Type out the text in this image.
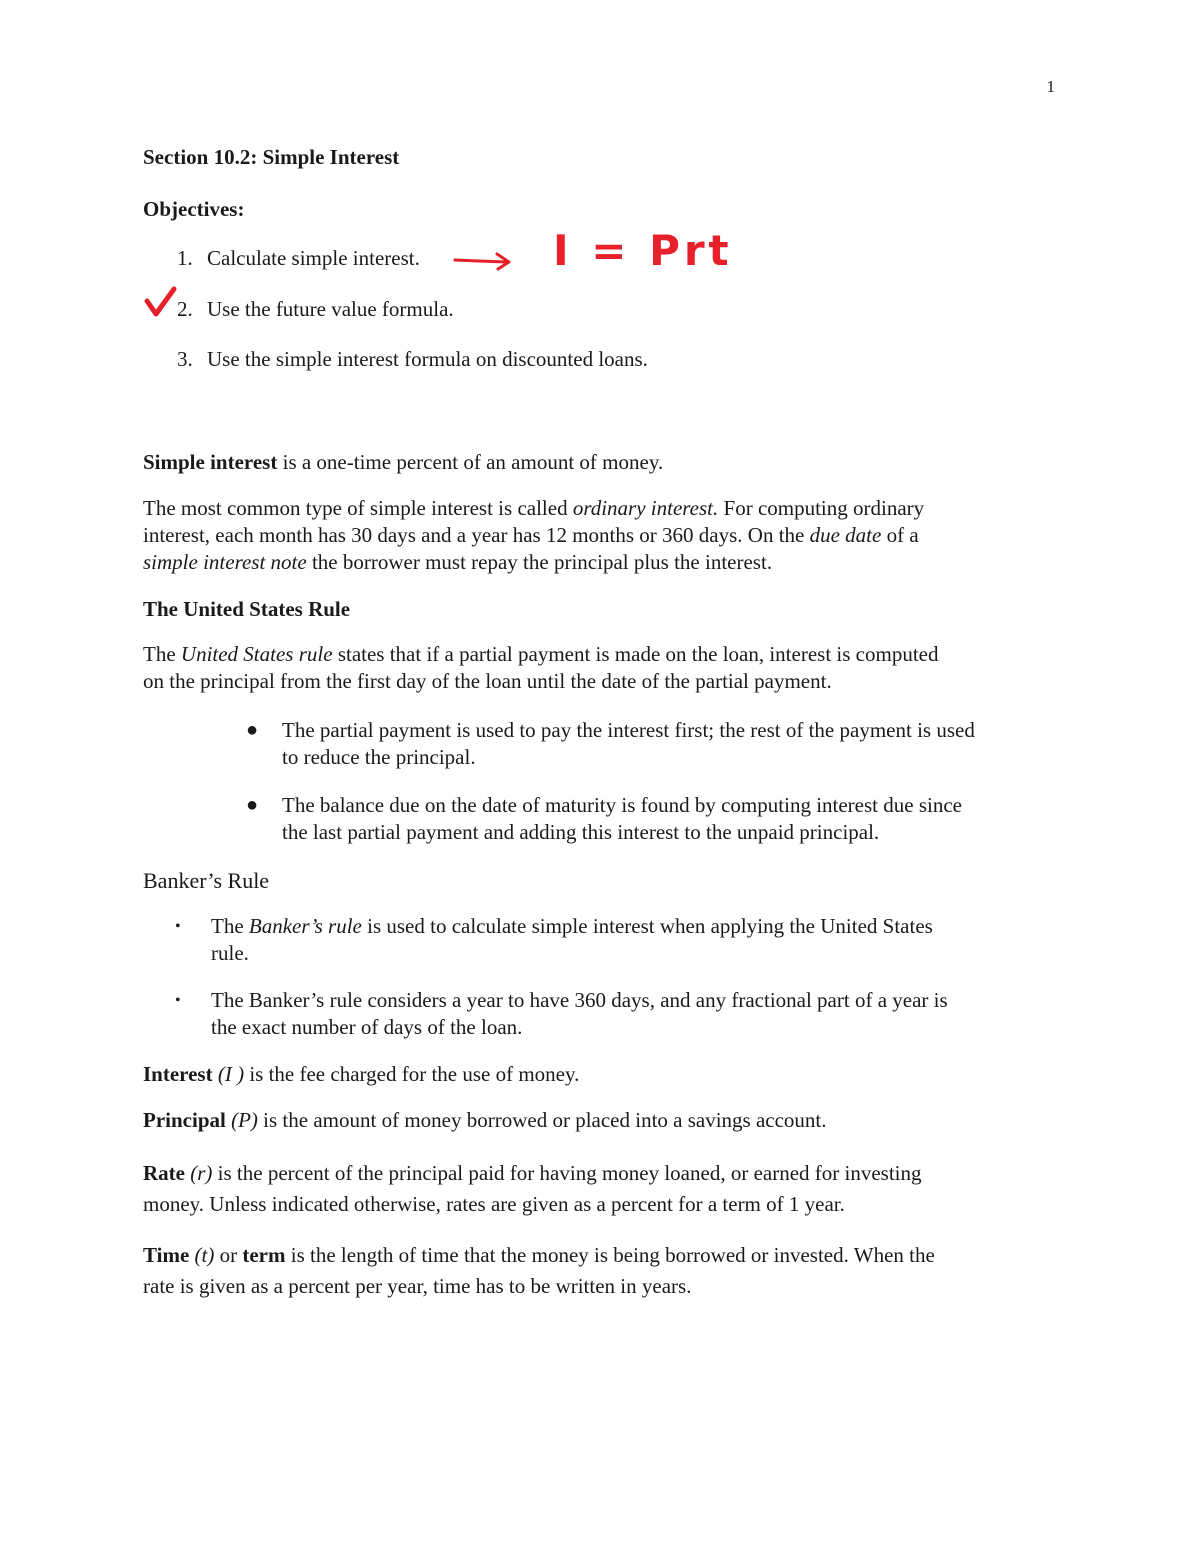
1
Section 10.2: Simple Interest
Objectives:
1. Calculate simple interest.
2. Use the future value formula.
3. Use the simple interest formula on discounted loans.
I = Prt
Simple interest is a one-time percent of an amount of money.
The most common type of simple interest is called ordinary interest. For computing ordinary
interest, each month has 30 days and a year has 12 months or 360 days. On the due date of a
simple interest note the borrower must repay the principal plus the interest.
The United States Rule
The United States rule states that if a partial payment is made on the loan, interest is computed
on the principal from the first day of the loan until the date of the partial payment.
● The partial payment is used to pay the interest first; the rest of the payment is used
to reduce the principal.
● The balance due on the date of maturity is found by computing interest due since
the last partial payment and adding this interest to the unpaid principal.
Banker’s Rule
• The Banker’s rule is used to calculate simple interest when applying the United States
rule.
• The Banker’s rule considers a year to have 360 days, and any fractional part of a year is
the exact number of days of the loan.
Interest (I ) is the fee charged for the use of money.
Principal (P) is the amount of money borrowed or placed into a savings account.
Rate (r) is the percent of the principal paid for having money loaned, or earned for investing
money. Unless indicated otherwise, rates are given as a percent for a term of 1 year.
Time (t) or term is the length of time that the money is being borrowed or invested. When the
rate is given as a percent per year, time has to be written in years.
